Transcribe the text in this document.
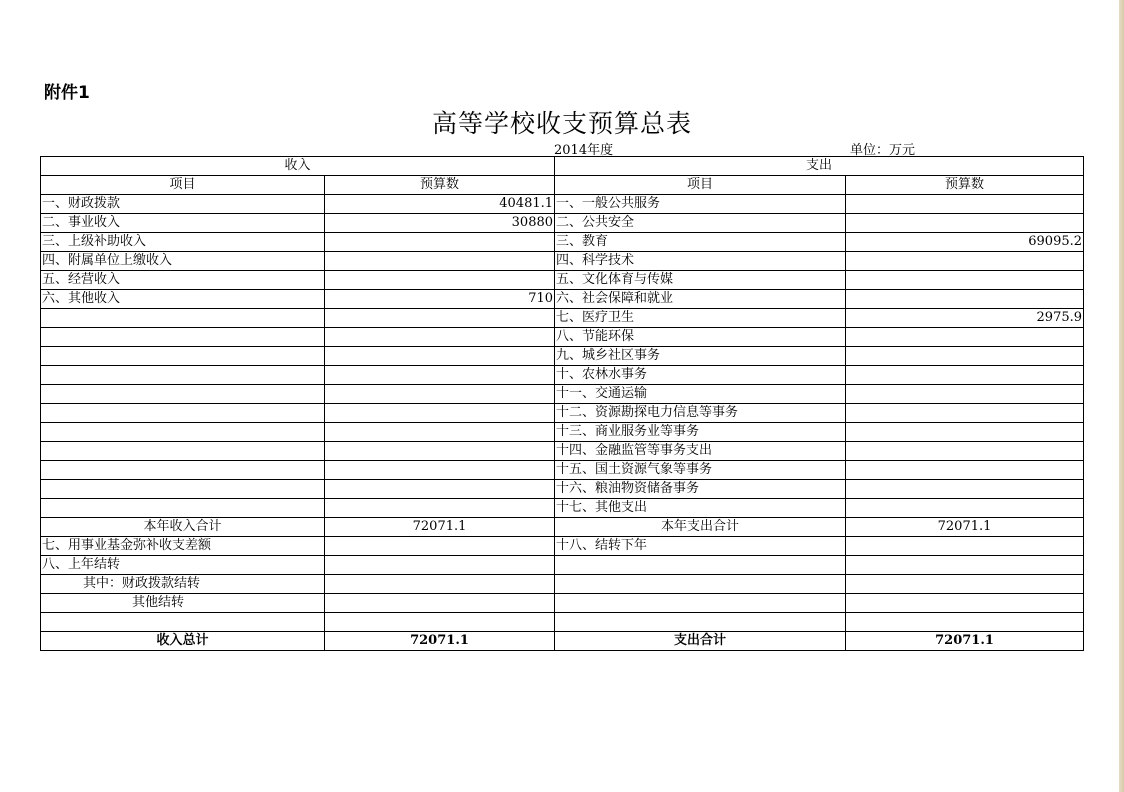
附件1
高等学校收支预算总表
2014年度	单位：万元
收入		支出	
项目	预算数	项目	预算数
一、财政拨款	40481.1	一、一般公共服务	
二、事业收入	30880	二、公共安全	
三、上级补助收入		三、教育	69095.2
四、附属单位上缴收入		四、科学技术	
五、经营收入		五、文化体育与传媒	
六、其他收入	710	六、社会保障和就业	
		七、医疗卫生	2975.9
		八、节能环保	
		九、城乡社区事务	
		十、农林水事务	
		十一、交通运输	
		十二、资源勘探电力信息等事务	
		十三、商业服务业等事务	
		十四、金融监管等事务支出	
		十五、国土资源气象等事务	
		十六、粮油物资储备事务	
		十七、其他支出	
本年收入合计	72071.1	本年支出合计	72071.1
七、用事业基金弥补收支差额		十八、结转下年	
八、上年结转			
其中：财政拨款结转			
其他结转			

收入总计	72071.1	支出合计	72071.1
